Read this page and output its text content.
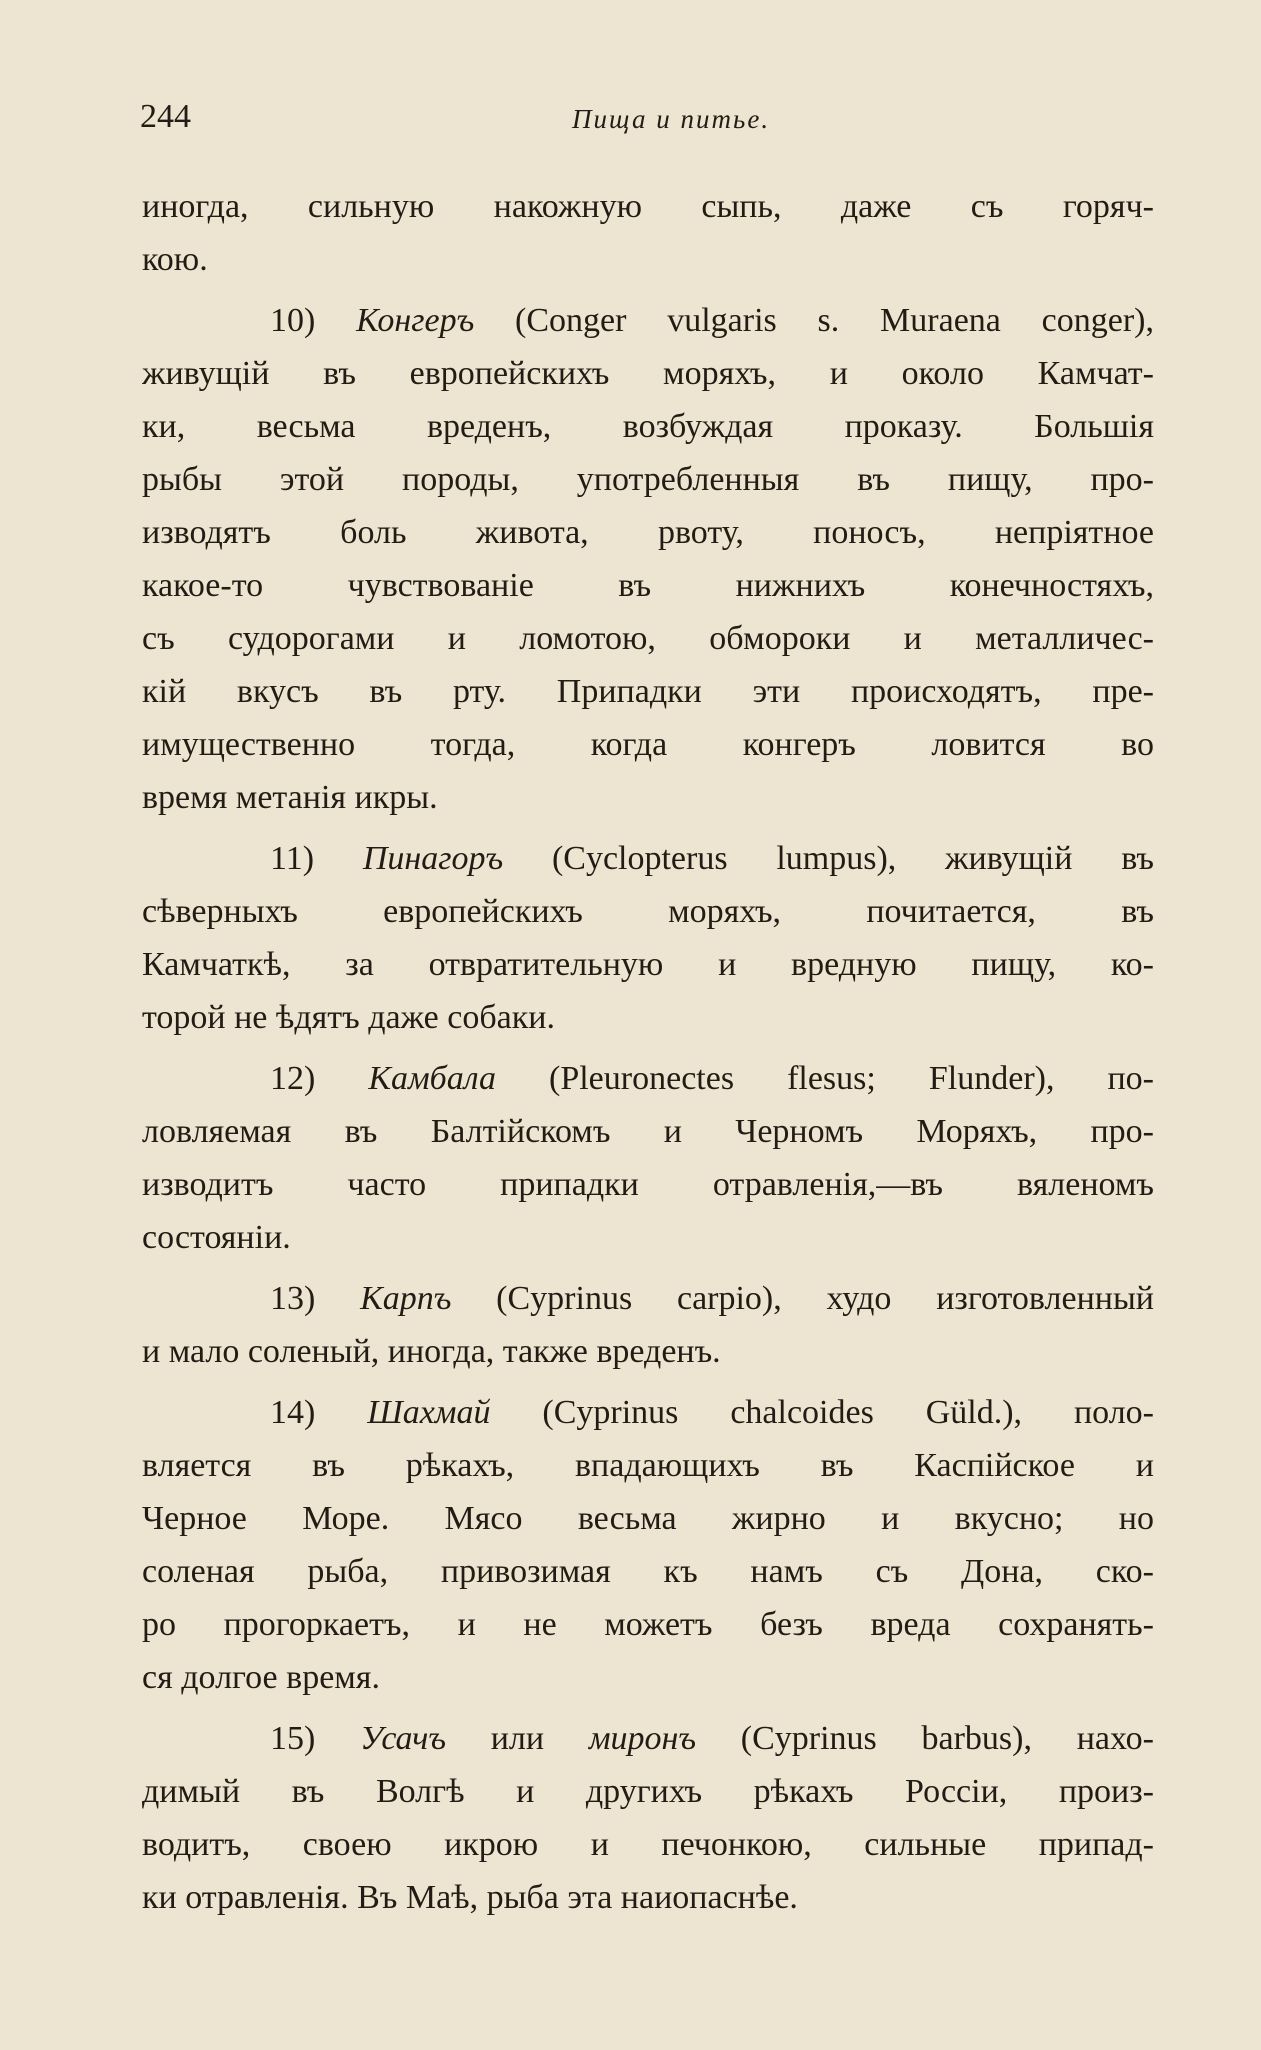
244	Пища и питье.
иногда, сильную накожную сыпь, даже съ горяч-
кою.
10) Конгеръ (Conger vulgaris s. Muraena conger),
живущій въ европейскихъ моряхъ, и около Камчат-
ки, весьма вреденъ, возбуждая проказу. Большія
рыбы этой породы, употребленныя въ пищу, про-
изводятъ боль живота, рвоту, поносъ, непріятное
какое-то чувствованіе въ нижнихъ конечностяхъ,
съ судорогами и ломотою, обмороки и металличес-
кій вкусъ въ рту. Припадки эти происходятъ, пре-
имущественно тогда, когда конгеръ ловится во
время метанія икры.
11) Пинагоръ (Cyclopterus lumpus), живущій въ
сѣверныхъ европейскихъ моряхъ, почитается, въ
Камчаткѣ, за отвратительную и вредную пищу, ко-
торой не ѣдятъ даже собаки.
12) Камбала (Pleuronectes flesus; Flunder), по-
ловляемая въ Балтійскомъ и Черномъ Моряхъ, про-
изводитъ часто припадки отравленія,—въ вяленомъ
состояніи.
13) Карпъ (Cyprinus carpio), худо изготовленный
и мало соленый, иногда, также вреденъ.
14) Шахмай (Cyprinus chalcoides Güld.), поло-
вляется въ рѣкахъ, впадающихъ въ Каспійское и
Черное Море. Мясо весьма жирно и вкусно; но
соленая рыба, привозимая къ намъ съ Дона, ско-
ро прогоркаетъ, и не можетъ безъ вреда сохранять-
ся долгое время.
15) Усачъ или миронъ (Cyprinus barbus), нахо-
димый въ Волгѣ и другихъ рѣкахъ Россіи, произ-
водитъ, своею икрою и печонкою, сильные припад-
ки отравленія. Въ Маѣ, рыба эта наиопаснѣе.
